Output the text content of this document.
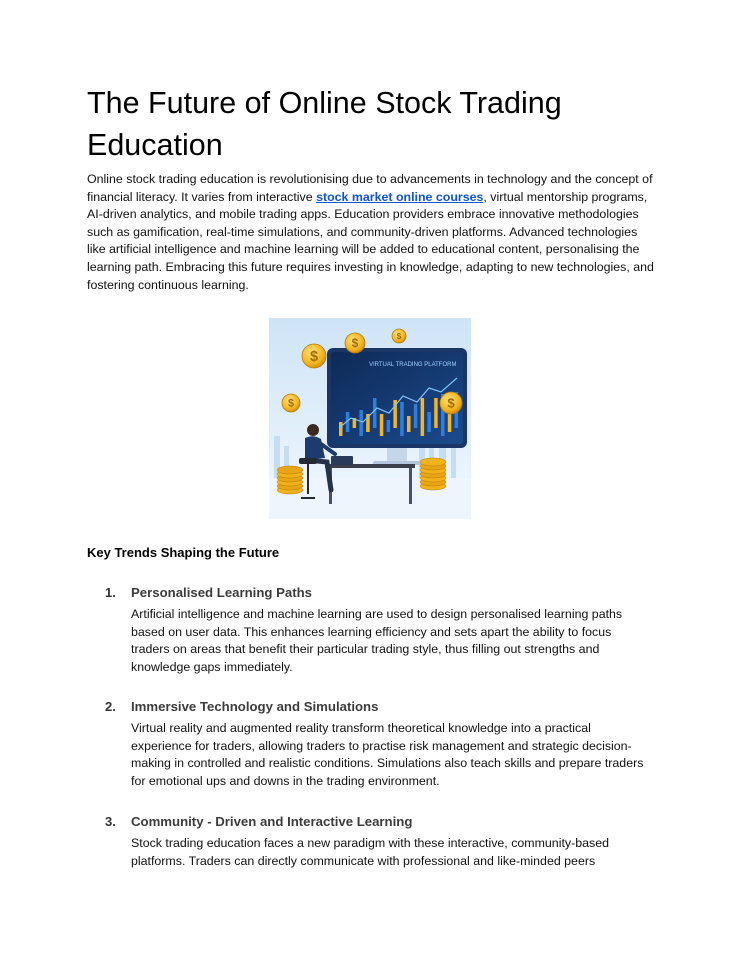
The Future of Online Stock Trading Education

Online stock trading education is revolutionising due to advancements in technology and the concept of financial literacy. It varies from interactive stock market online courses, virtual mentorship programs, AI-driven analytics, and mobile trading apps. Education providers embrace innovative methodologies such as gamification, real-time simulations, and community-driven platforms. Advanced technologies like artificial intelligence and machine learning will be added to educational content, personalising the learning path. Embracing this future requires investing in knowledge, adapting to new technologies, and fostering continuous learning.

VIRTUAL TRADING PLATFORM
$
$
$
$	$
Key Trends Shaping the Future
1. Personalised Learning Paths

Artificial intelligence and machine learning are used to design personalised learning paths based on user data. This enhances learning efficiency and sets apart the ability to focus traders on areas that benefit their particular trading style, thus filling out strengths and knowledge gaps immediately.

2. Immersive Technology and Simulations

Virtual reality and augmented reality transform theoretical knowledge into a practical experience for traders, allowing traders to practise risk management and strategic decision-making in controlled and realistic conditions. Simulations also teach skills and prepare traders for emotional ups and downs in the trading environment.

3. Community - Driven and Interactive Learning

Stock trading education faces a new paradigm with these interactive, community-based platforms. Traders can directly communicate with professional and like-minded peers
